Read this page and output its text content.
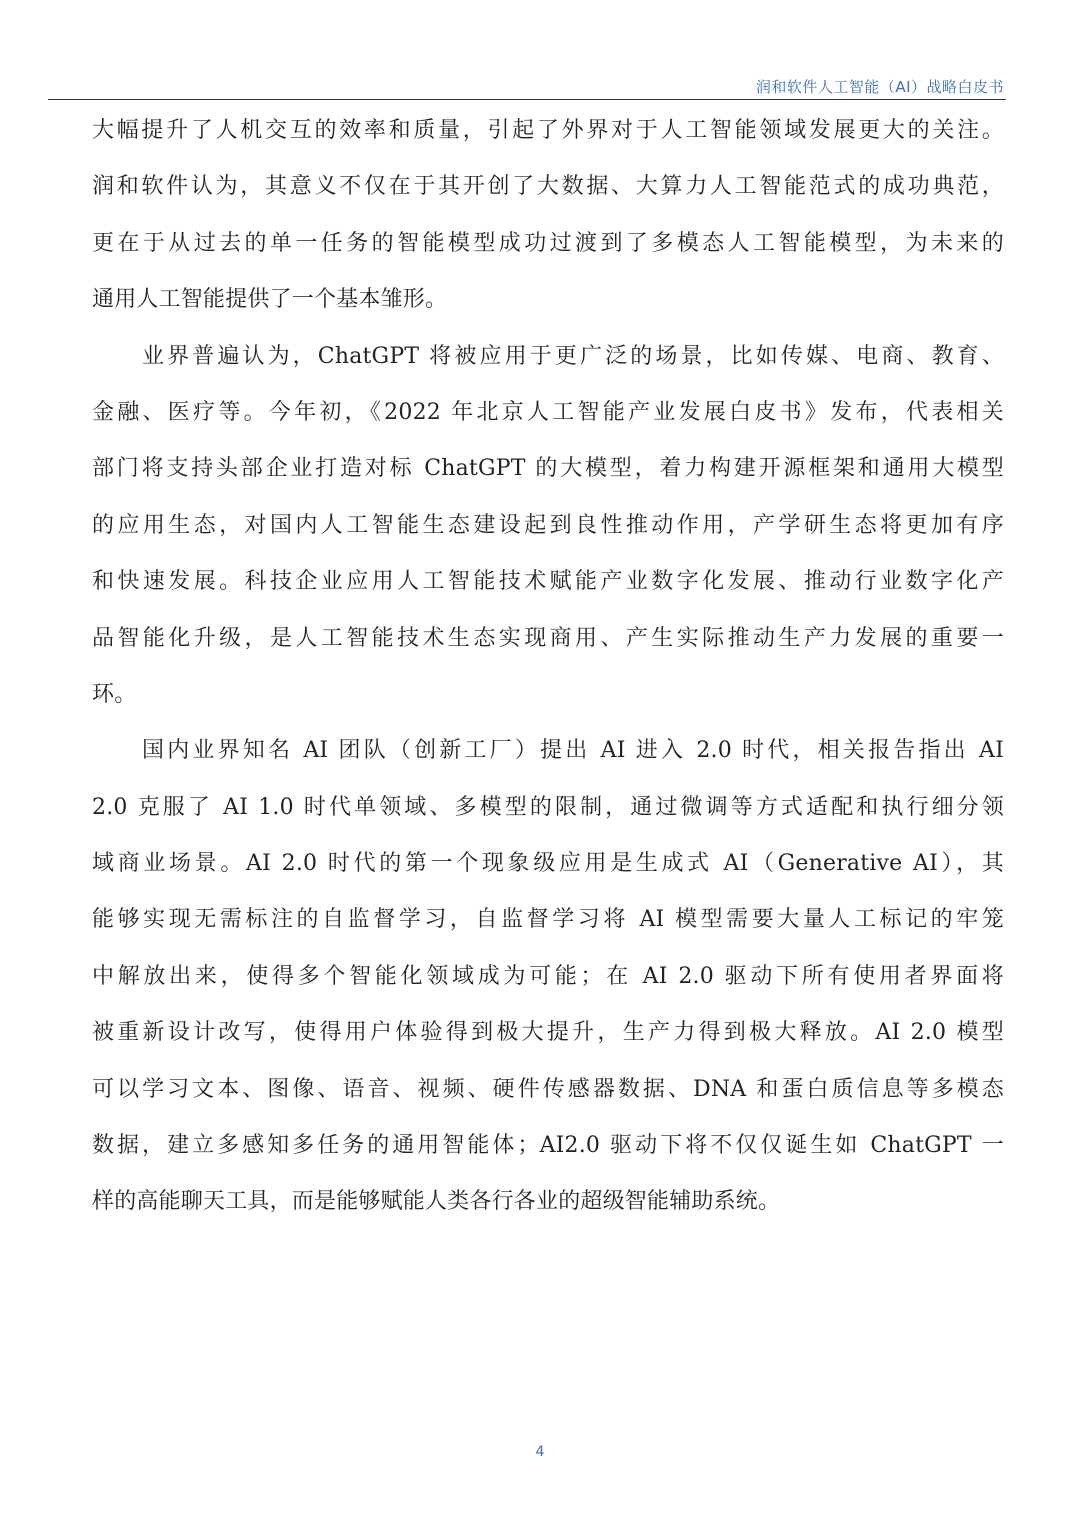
润和软件人工智能（AI）战略白皮书
大幅提升了人机交互的效率和质量，引起了外界对于人工智能领域发展更大的关注。
润和软件认为，其意义不仅在于其开创了大数据、大算力人工智能范式的成功典范，
更在于从过去的单一任务的智能模型成功过渡到了多模态人工智能模型，为未来的
通用人工智能提供了一个基本雏形。
业界普遍认为，ChatGPT 将被应用于更广泛的场景，比如传媒、电商、教育、
金融、医疗等。今年初，《2022 年北京人工智能产业发展白皮书》发布，代表相关
部门将支持头部企业打造对标 ChatGPT 的大模型，着力构建开源框架和通用大模型
的应用生态，对国内人工智能生态建设起到良性推动作用，产学研生态将更加有序
和快速发展。科技企业应用人工智能技术赋能产业数字化发展、推动行业数字化产
品智能化升级，是人工智能技术生态实现商用、产生实际推动生产力发展的重要一
环。
国内业界知名 AI 团队（创新工厂）提出 AI 进入 2.0 时代，相关报告指出 AI
2.0 克服了 AI 1.0 时代单领域、多模型的限制，通过微调等方式适配和执行细分领
域商业场景。AI 2.0 时代的第一个现象级应用是生成式 AI（Generative AI），其
能够实现无需标注的自监督学习，自监督学习将 AI 模型需要大量人工标记的牢笼
中解放出来，使得多个智能化领域成为可能；在 AI 2.0 驱动下所有使用者界面将
被重新设计改写，使得用户体验得到极大提升，生产力得到极大释放。AI 2.0 模型
可以学习文本、图像、语音、视频、硬件传感器数据、DNA 和蛋白质信息等多模态
数据，建立多感知多任务的通用智能体；AI2.0 驱动下将不仅仅诞生如 ChatGPT 一
样的高能聊天工具，而是能够赋能人类各行各业的超级智能辅助系统。
4
